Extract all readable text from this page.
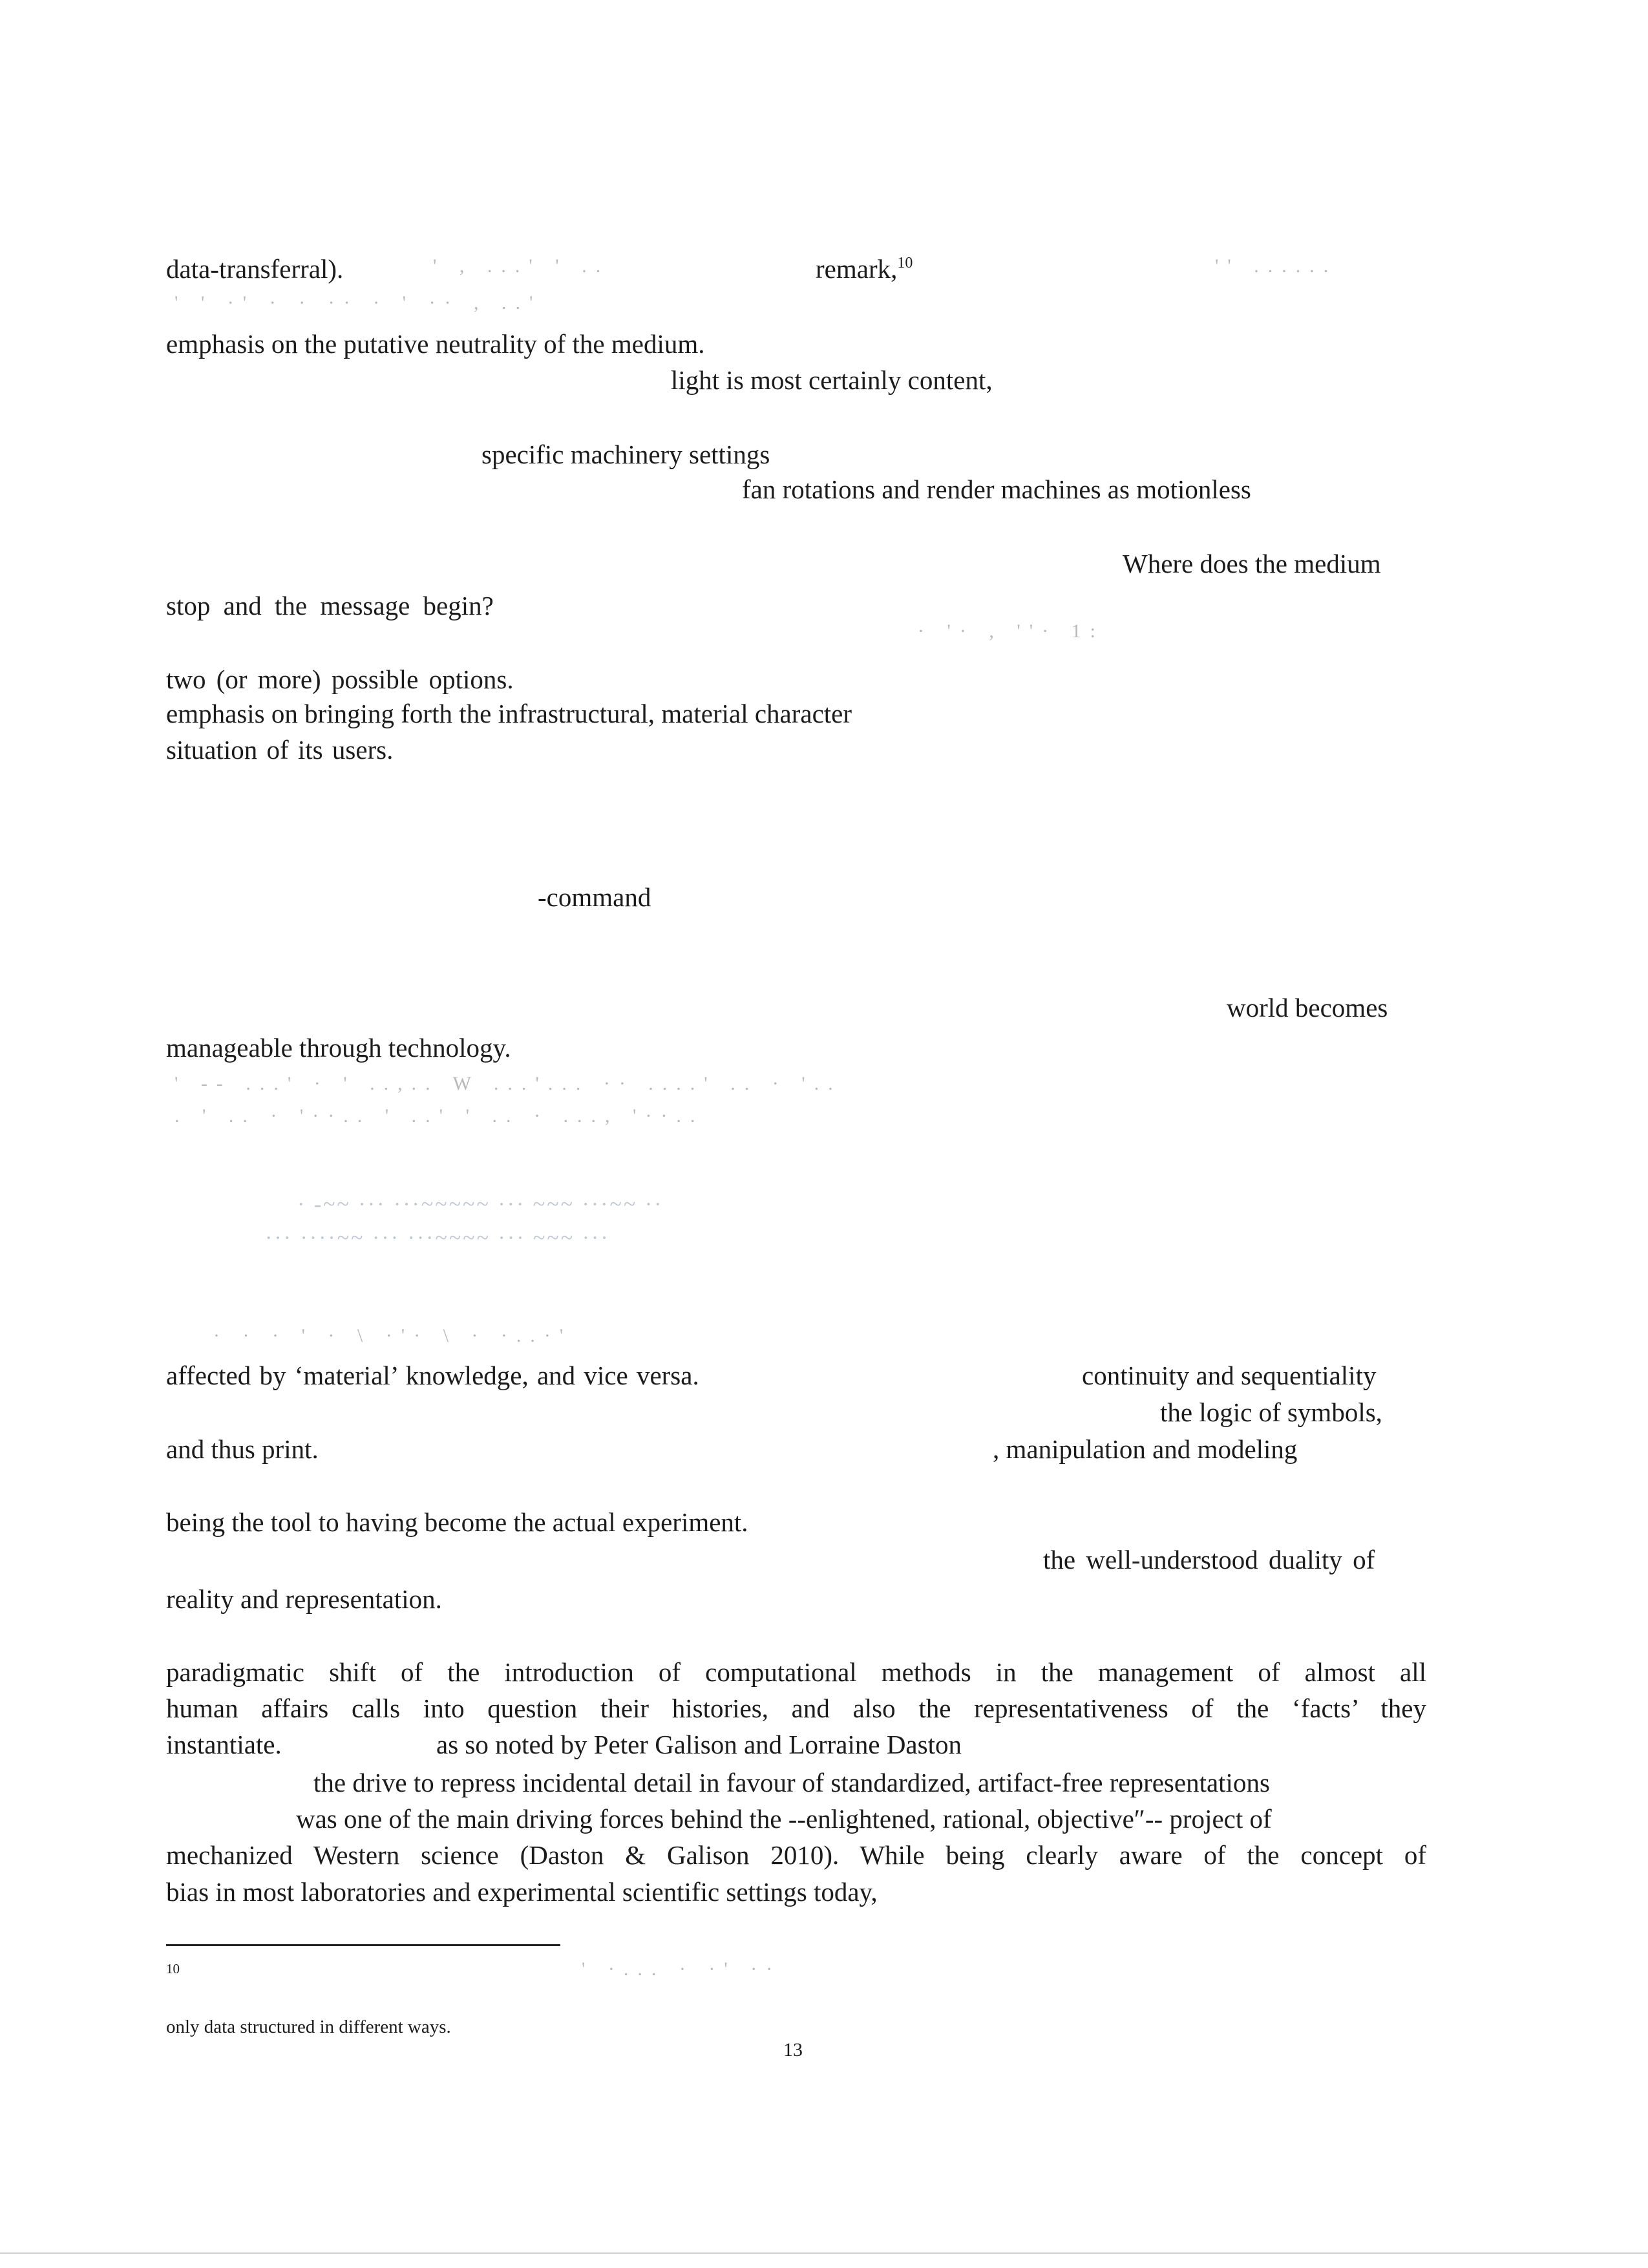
data-transferral).	remark,$^{10}$

' , ...' ' ..	'' ......
' ' ·' · · ·· · ' ·· , ..'

emphasis on the putative neutrality of the medium.

light is most certainly content,

specific machinery settings

fan rotations and render machines as motionless

Where does the medium

stop and the message begin?

· '· , ''· 1:

two (or more) possible options.

emphasis on bringing forth the infrastructural, material character

situation of its users.

-command

world becomes

manageable through technology.

' -- ...' · ' ..,.. W ...'... ·· ....' .. · '..
. ' .. · '··.. ' ..' ' .. · ..., '··..
· -~~ ··· ···~~~~~ ··· ~~~ ···~~ ··
··· ····~~ ··· ···~~~~ ··· ~~~ ···
· · · ' · \ ·'· \ · ·..·'

affected by ‘material’ knowledge, and vice versa.	continuity and sequentiality

the logic of symbols,

and thus print.	, manipulation and modeling

being the tool to having become the actual experiment.

the well-understood duality of

reality and representation.

paradigmatic shift of the introduction of computational methods in the management of almost all

human affairs calls into question their histories, and also the representativeness of the ‘facts’ they

instantiate.	as so noted by Peter Galison and Lorraine Daston

the drive to repress incidental detail in favour of standardized, artifact-free representations

was one of the main driving forces behind the --enlightened, rational, objective″-- project of

mechanized Western science (Daston & Galison 2010). While being clearly aware of the concept of

bias in most laboratories and experimental scientific settings today,

10	' ·... · ·' ··

only data structured in different ways.

13
